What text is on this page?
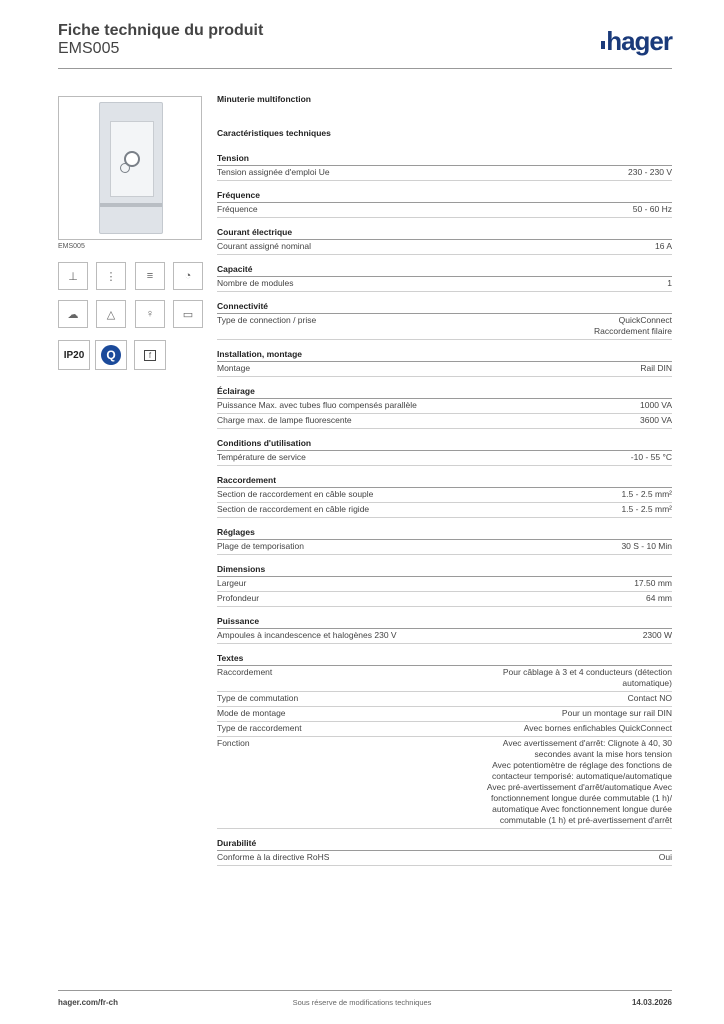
Fiche technique du produit
EMS005	hager
EMS005
⊥	⋮	≡	◔
☁	△	♀	▭
IP20	Q	f
Minuterie multifonction
Caractéristiques techniques
Tension
Tension assignée d'emploi Ue	230 - 230 V
Fréquence
Fréquence	50 - 60 Hz
Courant électrique
Courant assigné nominal	16 A
Capacité
Nombre de modules	1
Connectivité
Type de connection / prise	QuickConnect
Raccordement filaire
Installation, montage
Montage	Rail DIN
Éclairage
Puissance Max. avec tubes fluo compensés parallèle	1000 VA
Charge max. de lampe fluorescente	3600 VA
Conditions d'utilisation
Température de service	-10 - 55 °C
Raccordement
Section de raccordement en câble souple	1.5 - 2.5 mm²
Section de raccordement en câble rigide	1.5 - 2.5 mm²
Réglages
Plage de temporisation	30 S - 10 Min
Dimensions
Largeur	17.50 mm
Profondeur	64 mm
Puissance
Ampoules à incandescence et halogènes 230 V	2300 W
Textes
Raccordement	Pour câblage à 3 et 4 conducteurs (détection
automatique)
Type de commutation	Contact NO
Mode de montage	Pour un montage sur rail DIN
Type de raccordement	Avec bornes enfichables QuickConnect
Fonction	Avec avertissement d'arrêt: Clignote à 40, 30
secondes avant la mise hors tension
Avec potentiomètre de réglage des fonctions de
contacteur temporisé: automatique/automatique
Avec pré-avertissement d'arrêt/automatique Avec
fonctionnement longue durée commutable (1 h)/
automatique Avec fonctionnement longue durée
commutable (1 h) et pré-avertissement d'arrêt
Durabilité
Conforme à la directive RoHS	Oui
hager.com/fr-ch	Sous réserve de modifications techniques	14.03.2026
